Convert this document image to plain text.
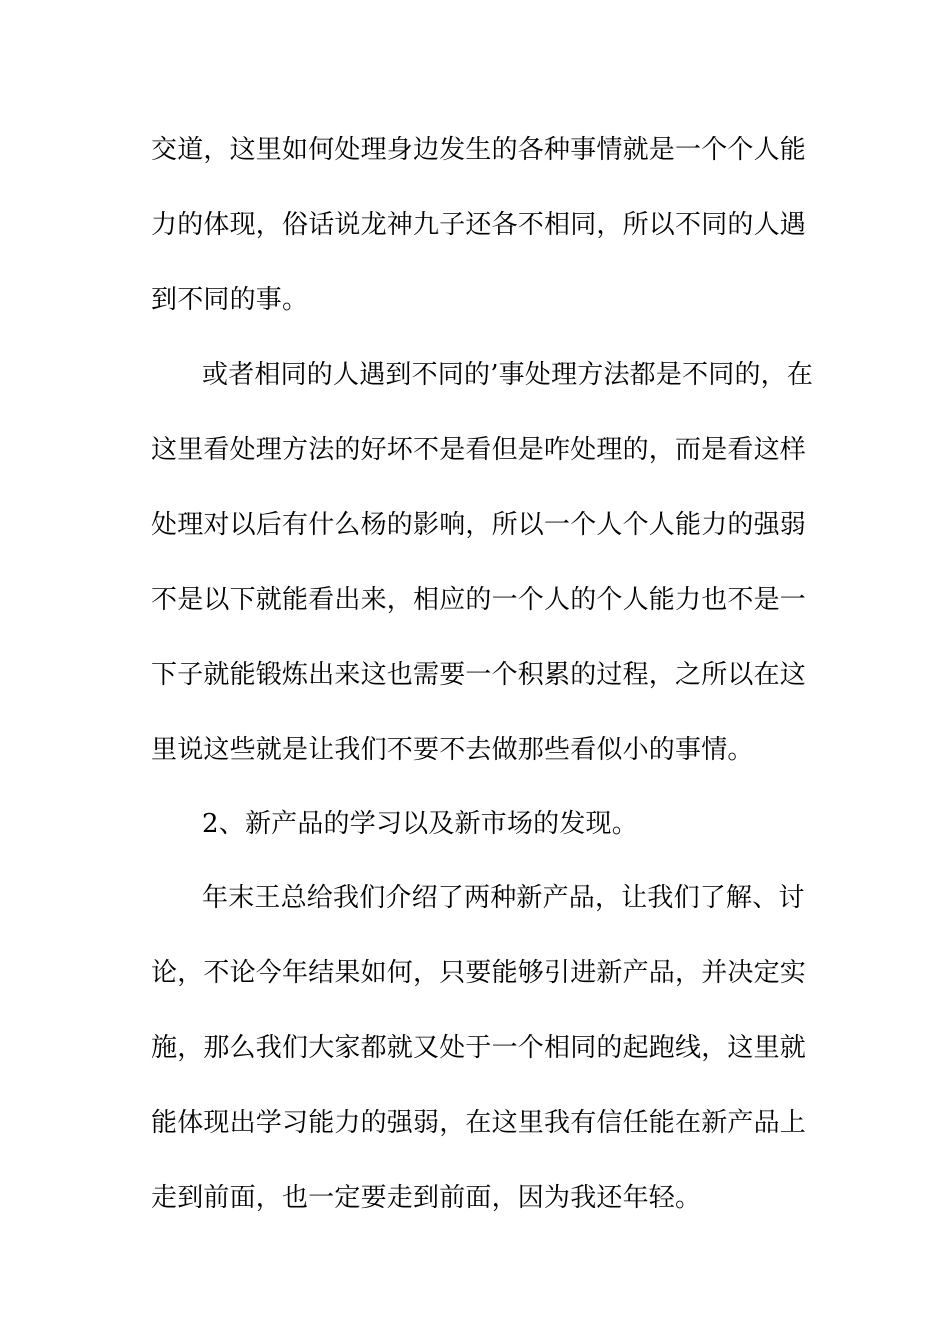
交道，这里如何处理身边发生的各种事情就是一个个人能
力的体现，俗话说龙神九子还各不相同，所以不同的人遇
到不同的事。
或者相同的人遇到不同的’事处理方法都是不同的，在
这里看处理方法的好坏不是看但是咋处理的，而是看这样
处理对以后有什么杨的影响，所以一个人个人能力的强弱
不是以下就能看出来，相应的一个人的个人能力也不是一
下子就能锻炼出来这也需要一个积累的过程，之所以在这
里说这些就是让我们不要不去做那些看似小的事情。
2、新产品的学习以及新市场的发现。
年末王总给我们介绍了两种新产品，让我们了解、讨
论，不论今年结果如何，只要能够引进新产品，并决定实
施，那么我们大家都就又处于一个相同的起跑线，这里就
能体现出学习能力的强弱，在这里我有信任能在新产品上
走到前面，也一定要走到前面，因为我还年轻。
